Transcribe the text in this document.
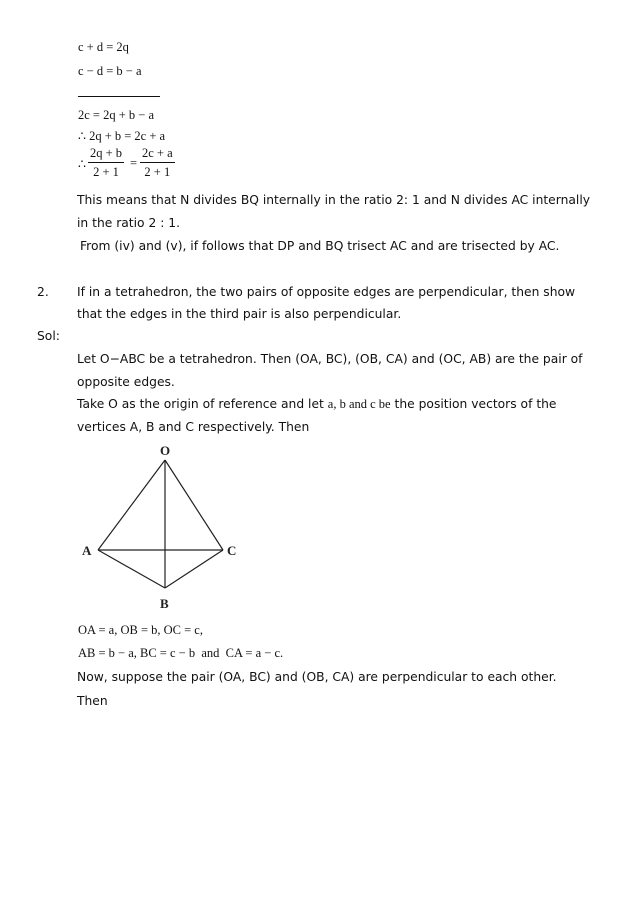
c + d = 2q
c − d = b − a
2c = 2q + b − a
∴ 2q + b = 2c + a
∴ $\frac{2q + b}{2 + 1} = \frac{2c + a}{2 + 1}$
This means that N divides BQ internally in the ratio 2: 1 and N divides AC internally
in the ratio 2 : 1.
From (iv) and (v), if follows that DP and BQ trisect AC and are trisected by AC.
2. If in a tetrahedron, the two pairs of opposite edges are perpendicular, then show
that the edges in the third pair is also perpendicular.
Sol:
Let O−ABC be a tetrahedron. Then (OA, BC), (OB, CA) and (OC, AB) are the pair of
opposite edges.
Take O as the origin of reference and let a, b and c be the position vectors of the
vertices A, B and C respectively. Then
O
A	C
B
OA = a, OB = b, OC = c,
AB = b − a, BC = c − b  and  CA = a − c.
Now, suppose the pair (OA, BC) and (OB, CA) are perpendicular to each other.
Then
